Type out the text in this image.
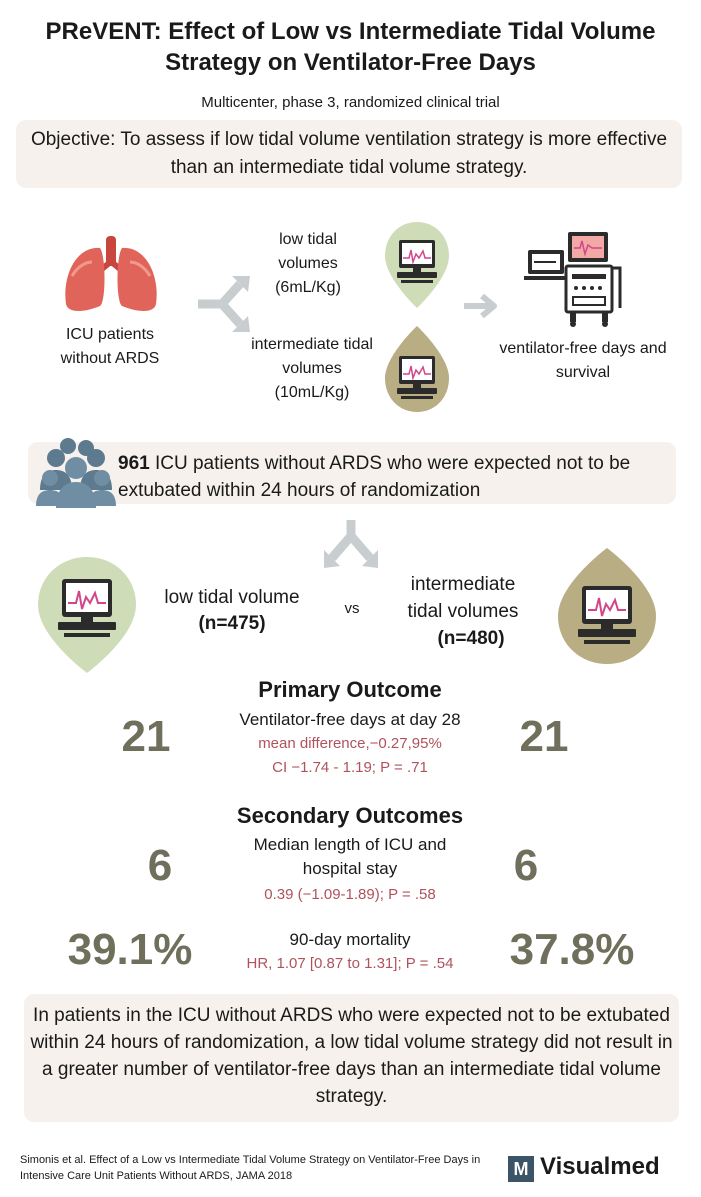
PReVENT: Effect of Low vs Intermediate Tidal Volume Strategy on Ventilator-Free Days
Multicenter, phase 3, randomized clinical trial
Objective: To assess if low tidal volume ventilation strategy is more effective than an intermediate tidal volume strategy.
ICU patients without ARDS
low tidal volumes (6mL/Kg)
intermediate tidal volumes (10mL/Kg)
ventilator-free days and survival
961 ICU patients without ARDS who were expected not to be extubated within 24 hours of randomization
low tidal volume
(n=475)
vs
intermediate tidal volumes
(n=480)
Primary Outcome
Ventilator-free days at day 28
mean difference,−0.27,95%
CI −1.74 - 1.19; P = .71
21	21
Secondary Outcomes
Median length of ICU and hospital stay
0.39 (−1.09-1.89); P = .58
6	6
90-day mortality
HR, 1.07 [0.87 to 1.31]; P = .54
39.1%	37.8%
In patients in the ICU without ARDS who were expected not to be extubated within 24 hours of randomization, a low tidal volume strategy did not result in a greater number of ventilator-free days than an intermediate tidal volume strategy.
Simonis et al. Effect of a Low vs Intermediate Tidal Volume Strategy on Ventilator-Free Days in Intensive Care Unit Patients Without ARDS, JAMA 2018	M Visualmed
